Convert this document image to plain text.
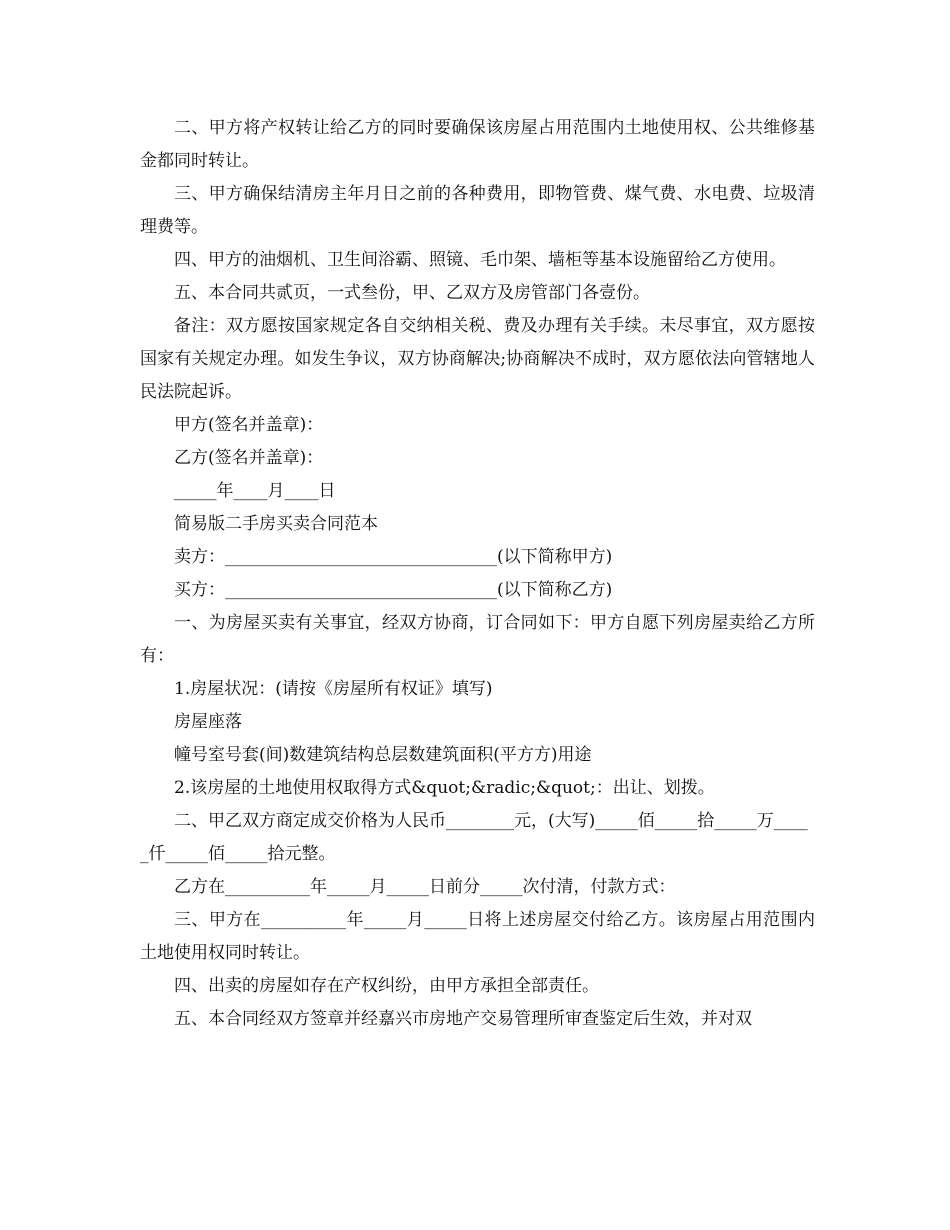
二、甲方将产权转让给乙方的同时要确保该房屋占用范围内土地使用权、公共维修基金都同时转让。

三、甲方确保结清房主年月日之前的各种费用，即物管费、煤气费、水电费、垃圾清理费等。

四、甲方的油烟机、卫生间浴霸、照镜、毛巾架、墙柜等基本设施留给乙方使用。

五、本合同共贰页，一式叁份，甲、乙双方及房管部门各壹份。

备注：双方愿按国家规定各自交纳相关税、费及办理有关手续。未尽事宜，双方愿按国家有关规定办理。如发生争议，双方协商解决;协商解决不成时，双方愿依法向管辖地人民法院起诉。

甲方(签名并盖章)：

乙方(签名并盖章)：

_____年____月____日

简易版二手房买卖合同范本

卖方：________________________________(以下简称甲方)

买方：________________________________(以下简称乙方)

一、为房屋买卖有关事宜，经双方协商，订合同如下：甲方自愿下列房屋卖给乙方所有：

1.房屋状况：(请按《房屋所有权证》填写)

房屋座落

幢号室号套(间)数建筑结构总层数建筑面积(平方方)用途

2.该房屋的土地使用权取得方式&quot;&radic;&quot;：出让、划拨。

二、甲乙双方商定成交价格为人民币________元，(大写)_____佰_____拾_____万_____仟_____佰_____拾元整。

乙方在__________年_____月_____日前分_____次付清，付款方式：

三、甲方在__________年_____月_____日将上述房屋交付给乙方。该房屋占用范围内土地使用权同时转让。

四、出卖的房屋如存在产权纠纷，由甲方承担全部责任。

五、本合同经双方签章并经嘉兴市房地产交易管理所审查鉴定后生效，并对双
